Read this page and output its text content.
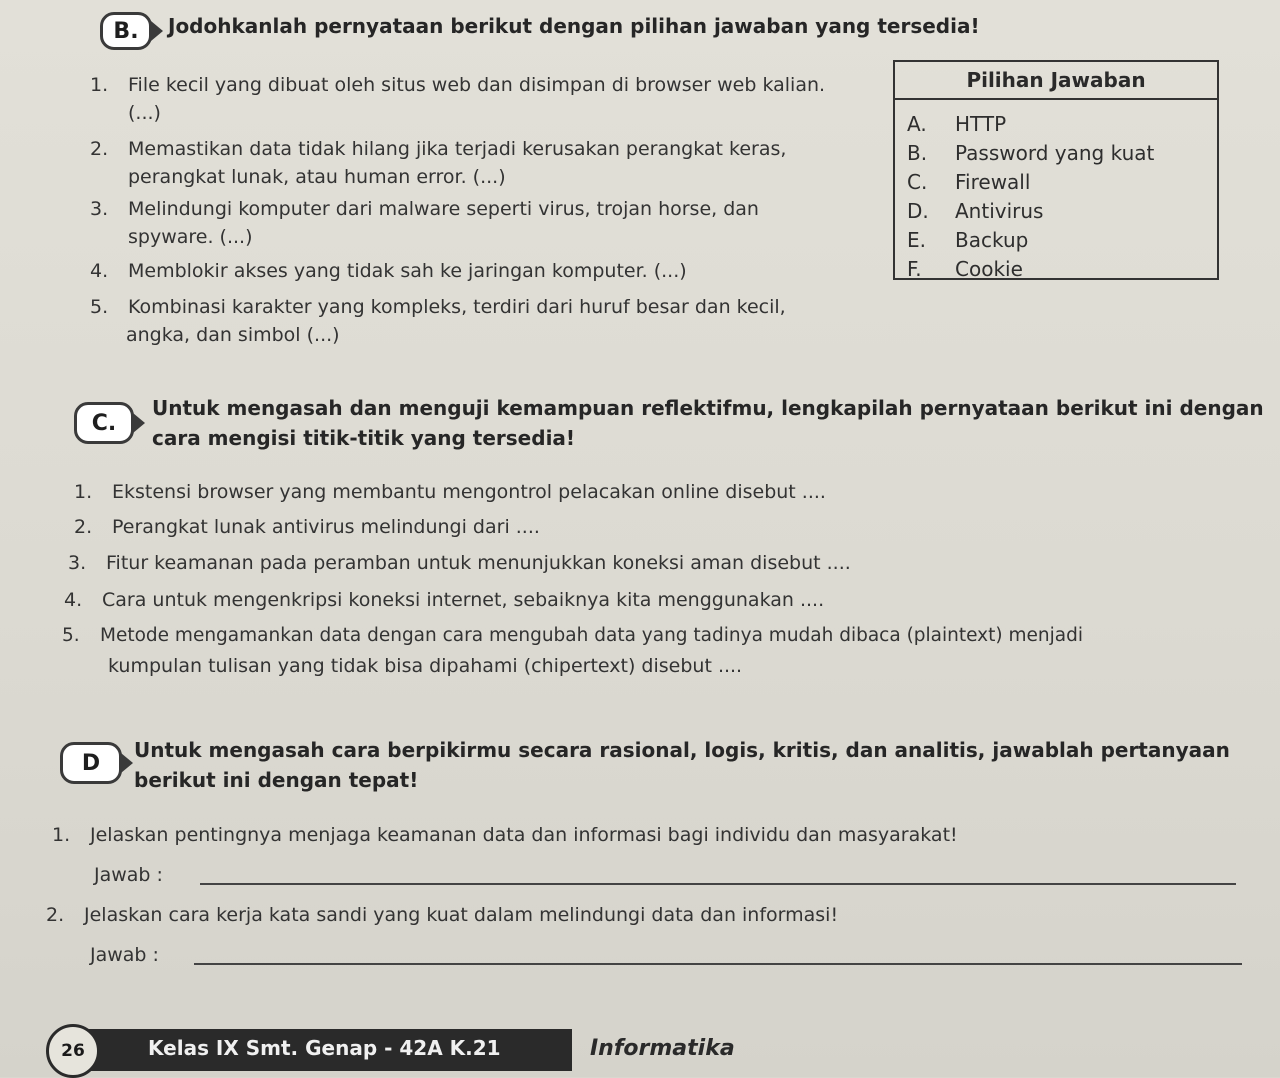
B. Jodohkanlah pernyataan berikut dengan pilihan jawaban yang tersedia!
1. File kecil yang dibuat oleh situs web dan disimpan di browser web kalian.
(...)
2. Memastikan data tidak hilang jika terjadi kerusakan perangkat keras,
perangkat lunak, atau human error. (...)
3. Melindungi komputer dari malware seperti virus, trojan horse, dan
spyware. (...)
4. Memblokir akses yang tidak sah ke jaringan komputer. (...)
5. Kombinasi karakter yang kompleks, terdiri dari huruf besar dan kecil,
angka, dan simbol (...)
Pilihan Jawaban
A.	HTTP
B.	Password yang kuat
C.	Firewall
D.	Antivirus
E.	Backup
F.	Cookie
C.
Untuk mengasah dan menguji kemampuan reflektifmu, lengkapilah pernyataan berikut ini dengan
cara mengisi titik-titik yang tersedia!
1. Ekstensi browser yang membantu mengontrol pelacakan online disebut ....
2. Perangkat lunak antivirus melindungi dari ....
3. Fitur keamanan pada peramban untuk menunjukkan koneksi aman disebut ....
4. Cara untuk mengenkripsi koneksi internet, sebaiknya kita menggunakan ....
5. Metode mengamankan data dengan cara mengubah data yang tadinya mudah dibaca (plaintext) menjadi
kumpulan tulisan yang tidak bisa dipahami (chipertext) disebut ....
D
Untuk mengasah cara berpikirmu secara rasional, logis, kritis, dan analitis, jawablah pertanyaan
berikut ini dengan tepat!
1. Jelaskan pentingnya menjaga keamanan data dan informasi bagi individu dan masyarakat!
Jawab :
2. Jelaskan cara kerja kata sandi yang kuat dalam melindungi data dan informasi!
Jawab :
Kelas IX Smt. Genap - 42A K.21
26	Informatika
